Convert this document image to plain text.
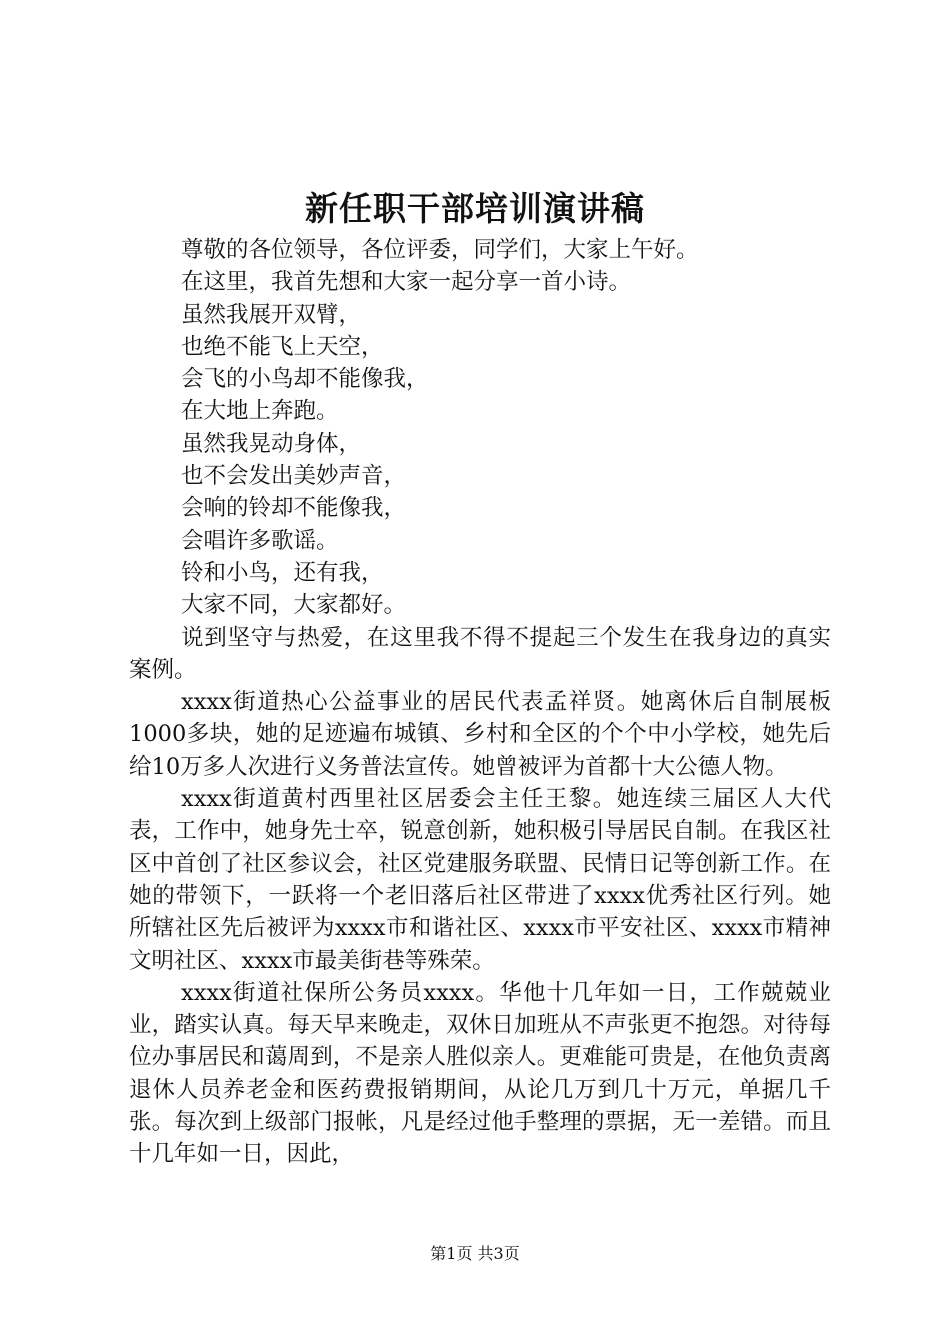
新任职干部培训演讲稿

尊敬的各位领导，各位评委，同学们，大家上午好。

在这里，我首先想和大家一起分享一首小诗。

虽然我展开双臂，

也绝不能飞上天空，

会飞的小鸟却不能像我，

在大地上奔跑。

虽然我晃动身体，

也不会发出美妙声音，

会响的铃却不能像我，

会唱许多歌谣。

铃和小鸟，还有我，

大家不同，大家都好。

说到坚守与热爱，在这里我不得不提起三个发生在我身边的真实案例。

xxxx街道热心公益事业的居民代表孟祥贤。她离休后自制展板1000多块，她的足迹遍布城镇、乡村和全区的个个中小学校，她先后给10万多人次进行义务普法宣传。她曾被评为首都十大公德人物。

xxxx街道黄村西里社区居委会主任王黎。她连续三届区人大代表，工作中，她身先士卒，锐意创新，她积极引导居民自制。在我区社区中首创了社区参议会，社区党建服务联盟、民情日记等创新工作。在她的带领下，一跃将一个老旧落后社区带进了xxxx优秀社区行列。她所辖社区先后被评为xxxx市和谐社区、xxxx市平安社区、xxxx市精神文明社区、xxxx市最美街巷等殊荣。

xxxx街道社保所公务员xxxx。华他十几年如一日，工作兢兢业业，踏实认真。每天早来晚走，双休日加班从不声张更不抱怨。对待每位办事居民和蔼周到，不是亲人胜似亲人。更难能可贵是，在他负责离退休人员养老金和医药费报销期间，从论几万到几十万元，单据几千张。每次到上级部门报帐，凡是经过他手整理的票据，无一差错。而且十几年如一日，因此，

第1页 共3页
